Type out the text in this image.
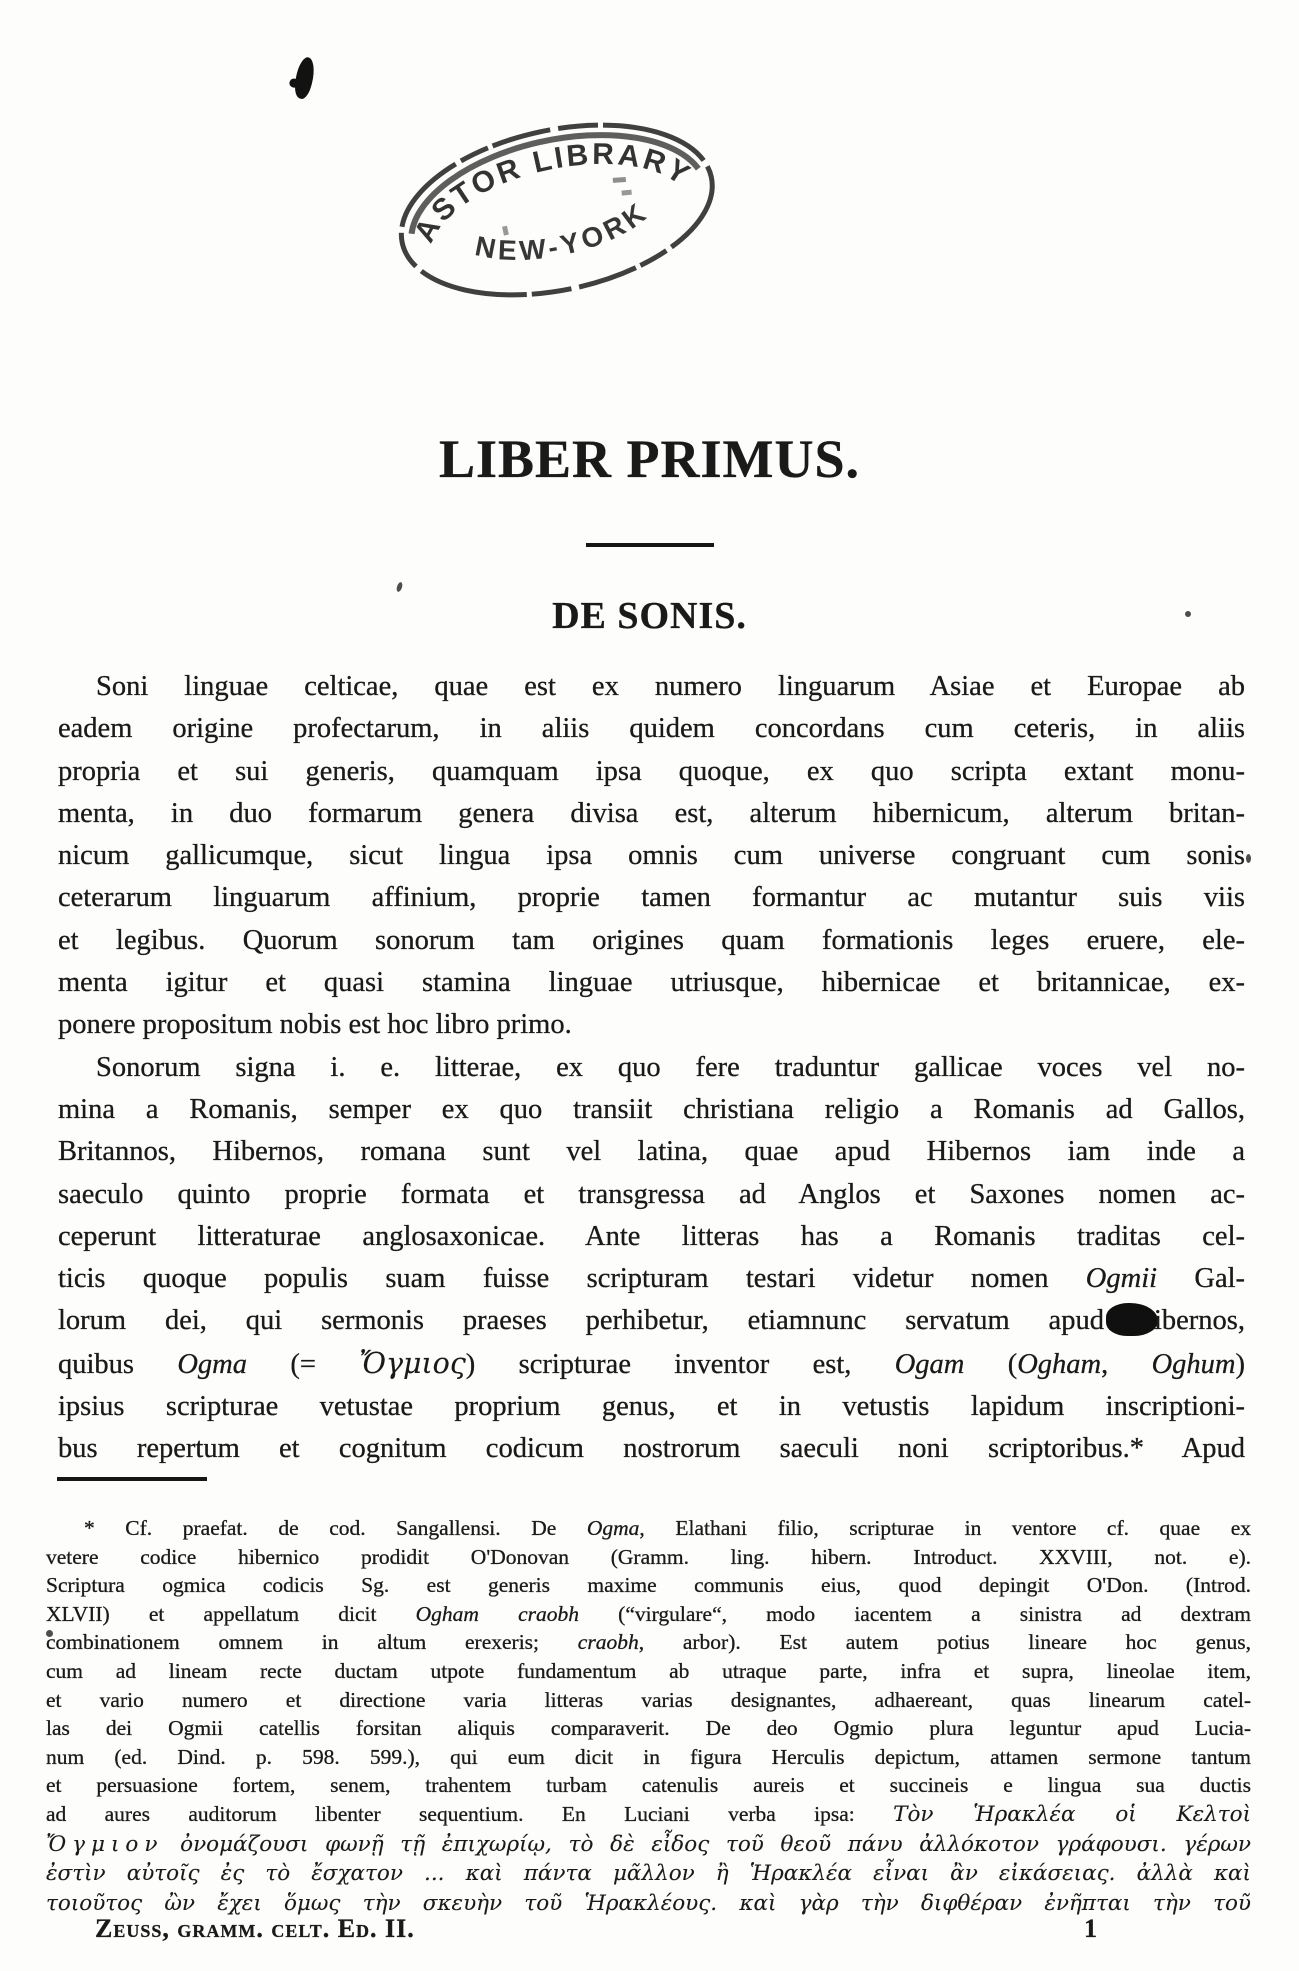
ASTOR LIBRARY
NEW-YORK
LIBER PRIMUS.
DE SONIS.
Soni linguae celticae, quae est ex numero linguarum Asiae et Europae ab
eadem origine profectarum, in aliis quidem concordans cum ceteris, in aliis
propria et sui generis, quamquam ipsa quoque, ex quo scripta extant monu-
menta, in duo formarum genera divisa est, alterum hibernicum, alterum britan-
nicum gallicumque, sicut lingua ipsa omnis cum universe congruant cum sonis
ceterarum linguarum affinium, proprie tamen formantur ac mutantur suis viis
et legibus. Quorum sonorum tam origines quam formationis leges eruere, ele-
menta igitur et quasi stamina linguae utriusque, hibernicae et britannicae, ex-
ponere propositum nobis est hoc libro primo.
Sonorum signa i. e. litterae, ex quo fere traduntur gallicae voces vel no-
mina a Romanis, semper ex quo transiit christiana religio a Romanis ad Gallos,
Britannos, Hibernos, romana sunt vel latina, quae apud Hibernos iam inde a
saeculo quinto proprie formata et transgressa ad Anglos et Saxones nomen ac-
ceperunt litteraturae anglosaxonicae. Ante litteras has a Romanis traditas cel-
ticis quoque populis suam fuisse scripturam testari videtur nomen Ogmii Gal-
lorum dei, qui sermonis praeses perhibetur, etiamnunc servatum apud ibernos,
quibus Ogma (= Ὄγμιος) scripturae inventor est, Ogam (Ogham, Oghum)
ipsius scripturae vetustae proprium genus, et in vetustis lapidum inscriptioni-
bus repertum et cognitum codicum nostrorum saeculi noni scriptoribus.* Apud
* Cf. praefat. de cod. Sangallensi. De Ogma, Elathani filio, scripturae in ventore cf. quae ex
vetere codice hibernico prodidit O'Donovan (Gramm. ling. hibern. Introduct. XXVIII, not. e).
Scriptura ogmica codicis Sg. est generis maxime communis eius, quod depingit O'Don. (Introd.
XLVII) et appellatum dicit Ogham craobh (“virgulare“, modo iacentem a sinistra ad dextram
combinationem omnem in altum erexeris; craobh, arbor). Est autem potius lineare hoc genus,
cum ad lineam recte ductam utpote fundamentum ab utraque parte, infra et supra, lineolae item,
et vario numero et directione varia litteras varias designantes, adhaereant, quas linearum catel-
las dei Ogmii catellis forsitan aliquis comparaverit. De deo Ogmio plura leguntur apud Lucia-
num (ed. Dind. p. 598. 599.), qui eum dicit in figura Herculis depictum, attamen sermone tantum
et persuasione fortem, senem, trahentem turbam catenulis aureis et succineis e lingua sua ductis
ad aures auditorum libenter sequentium. En Luciani verba ipsa: Τὸν Ἡρακλέα οἱ Κελτοὶ
Ὄγμιον ὀνομάζουσι φωνῇ τῇ ἐπιχωρίῳ, τὸ δὲ εἶδος τοῦ θεοῦ πάνυ ἀλλόκοτον γράφουσι. γέρων
ἐστὶν αὐτοῖς ἐς τὸ ἔσχατον ... καὶ πάντα μᾶλλον ἢ Ἡρακλέα εἶναι ἂν εἰκάσειας. ἀλλὰ καὶ
τοιοῦτος ὢν ἔχει ὅμως τὴν σκευὴν τοῦ Ἡρακλέους. καὶ γὰρ τὴν διφθέραν ἐνῆπται τὴν τοῦ
Zeuss, gramm. celt. Ed. II.	1
